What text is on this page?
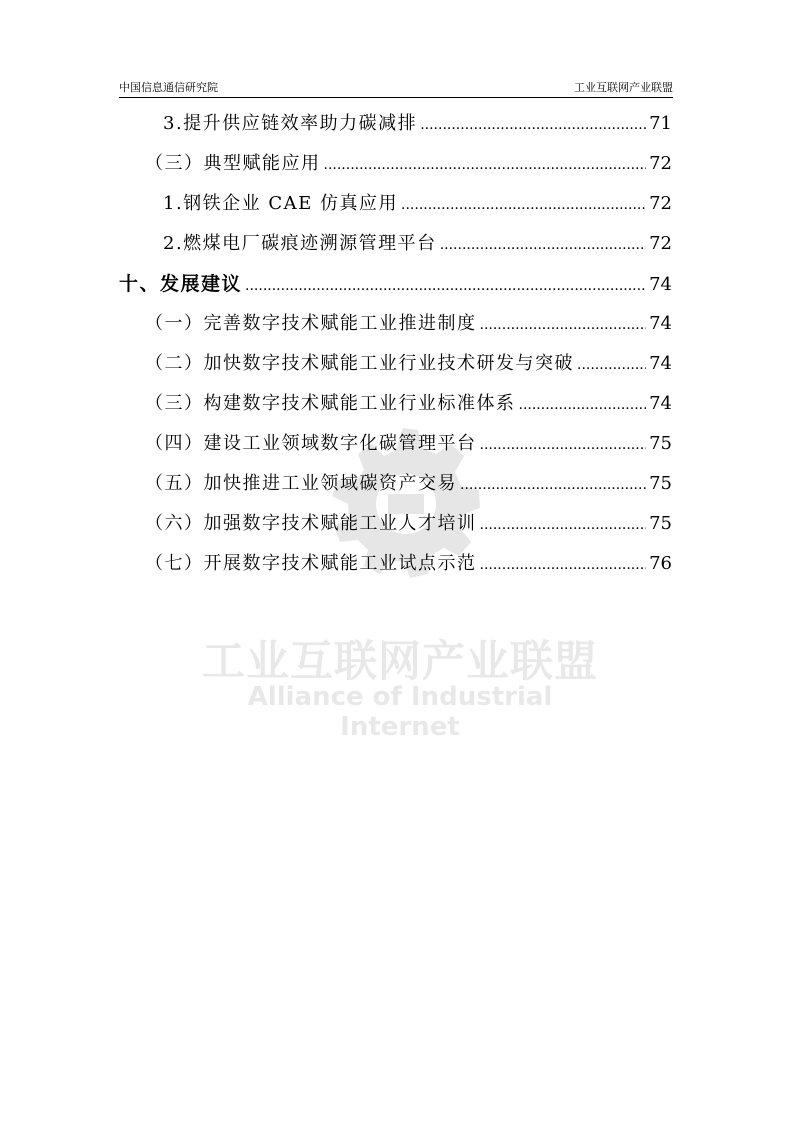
中国信息通信研究院	工业互联网产业联盟
工业互联网产业联盟
Alliance of Industrial Internet
3.提升供应链效率助力碳减排 .....	71
（三）典型赋能应用 .....	72
1.钢铁企业 CAE 仿真应用 .....	72
2.燃煤电厂碳痕迹溯源管理平台 .....	72
十、发展建议 .....	74
（一）完善数字技术赋能工业推进制度 .....	74
（二）加快数字技术赋能工业行业技术研发与突破 .....	74
（三）构建数字技术赋能工业行业标准体系 .....	74
（四）建设工业领域数字化碳管理平台 .....	75
（五）加快推进工业领域碳资产交易 .....	75
（六）加强数字技术赋能工业人才培训 .....	75
（七）开展数字技术赋能工业试点示范 .....	76
